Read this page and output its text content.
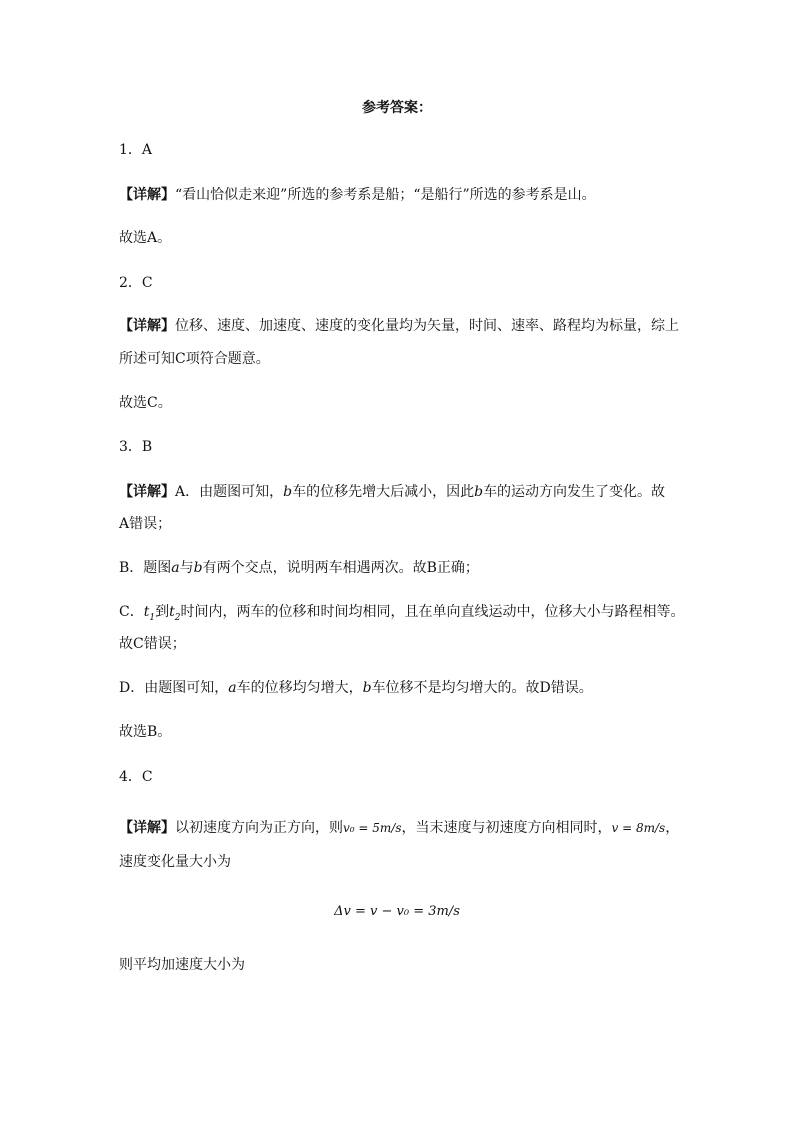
参考答案：
1．A
【详解】“看山恰似走来迎”所选的参考系是船；“是船行”所选的参考系是山。
故选A。
2．C
【详解】位移、速度、加速度、速度的变化量均为矢量，时间、速率、路程均为标量，综上
所述可知C项符合题意。
故选C。
3．B
【详解】A．由题图可知，b车的位移先增大后减小，因此b车的运动方向发生了变化。故
A错误；
B．题图a与b有两个交点，说明两车相遇两次。故B正确；
C．$t_1$到$t_2$时间内，两车的位移和时间均相同，且在单向直线运动中，位移大小与路程相等。
故C错误；
D．由题图可知，a车的位移均匀增大，b车位移不是均匀增大的。故D错误。
故选B。
4．C
【详解】以初速度方向为正方向，则v₀ = 5m/s，当末速度与初速度方向相同时，v = 8m/s，
速度变化量大小为
Δv = v − v₀ = 3m/s
则平均加速度大小为
